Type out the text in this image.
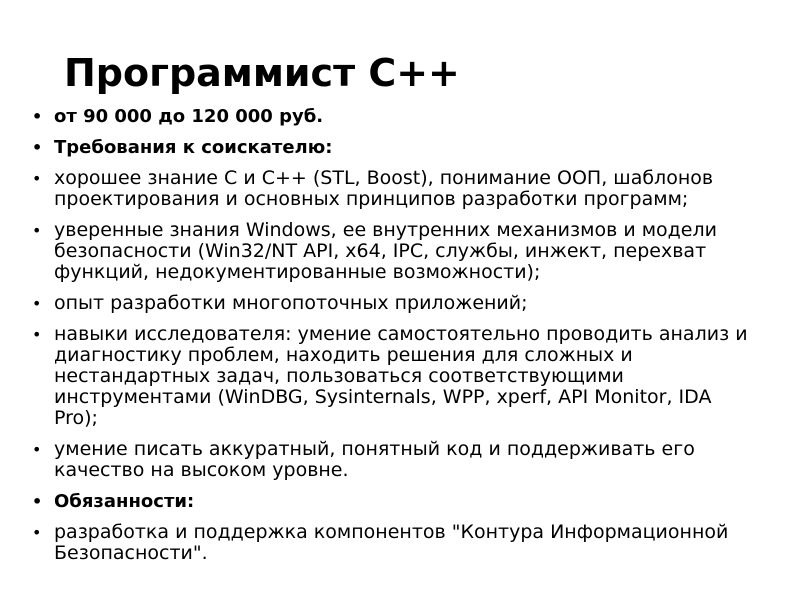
Программист С++
• от 90 000 до 120 000 руб.
• Требования к соискателю:
• хорошее знание C и C++ (STL, Boost), понимание ООП, шаблонов проектирования и основных принципов разработки программ;
• уверенные знания Windows, ее внутренних механизмов и модели безопасности (Win32/NT API, x64, IPC, службы, инжект, перехват функций, недокументированные возможности);
• опыт разработки многопоточных приложений;
• навыки исследователя: умение самостоятельно проводить анализ и диагностику проблем, находить решения для сложных и нестандартных задач, пользоваться соответствующими инструментами (WinDBG, Sysinternals, WPP, xperf, API Monitor, IDA Pro);
• умение писать аккуратный, понятный код и поддерживать его качество на высоком уровне.
• Обязанности:
• разработка и поддержка компонентов "Контура Информационной Безопасности".
